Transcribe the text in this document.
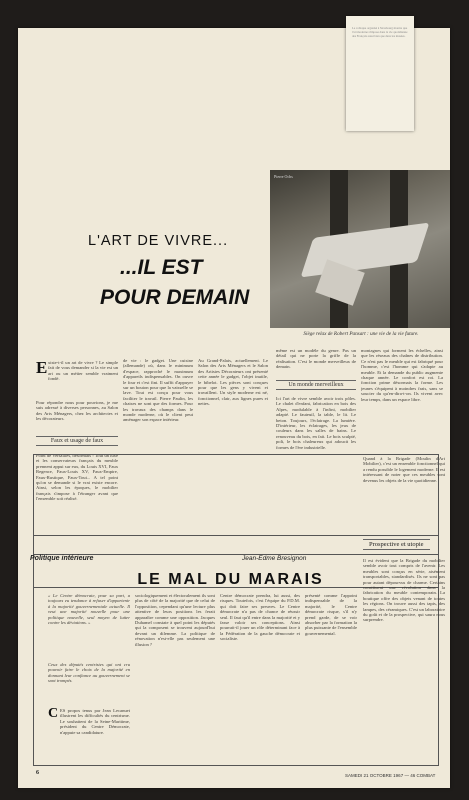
L'ART DE VIVRE...
...IL EST
POUR DEMAIN
Pierre Ochs
Siège relax de Robert Pansart : une vie de la vie future.
E xiste-t-il un art de vivre ? Le simple fait de vous demander si la vie est un art ou un métier semble vraiment fondé.
Pour répondre nous pour pouvions, je me suis adressé à diverses personnes, au Salon des Arts Ménagers, chez les architectes et les décorateurs.
Faux et usage de faux
Point de Versailles, désormais ! Tout un luxe et les conservateurs français du meuble prennent appui sur eux, du Louis XVI, Faux Regence, Faux-Louis XV, Faux-Empire, Faux-Rustique, Faux-Tout... A tel point qu'on se demande si le vrai existe encore. Ainsi, selon les époques, le mobilier français s'impose à l'étranger avant que l'ensemble soit réalisé.
de vie : le gadget. Une cuisine (allemande) où, dans le minimum d'espace, rapproché le maximum d'appareils indispensables. On ouvre le four et c'est fini. Il suffit d'appuyer sur un bouton pour que la vaisselle se lave. Tout est conçu pour vous faciliter le travail. Pierre Paulin, les chaises ne sont que des formes. Pour les travaux des champs dans le monde moderne, où le client peut aménager son espace intérieur.
Au Grand-Palais, actuellement. Le Salon des Arts Ménagers et le Salon des Artistes Décorateurs ont présenté cette année le gadget, l'objet inutile, le bibelot. Les pièces sont conçues pour que les gens y vivent et travaillent. Un style moderne est né, fonctionnel, clair, aux lignes pures et nettes.
même est un modèle du genre. Pas un détail qui ne porte la griffe de la réalisation. C'est le monde merveilleux de demain.
Un monde merveilleux
Ici l'art de vivre semble avoir trois pôles. Le chalet d'enfant, fabrication en bois des Alpes, modulable à l'infini, mobilier adapté. Le fauteuil, la table, le lit. Le beton. Toujours, l'éclairage. La lumière. D'intérieur, les éclairages, les jeux de couleurs dans les salles de bains. Le renouveau du bois, en fait. Le bois sculpté, poli, le bois chaleureux qui adoucit les formes de l'ère industrielle.
montagnes qui forment les échelles, ainsi que les réseaux des chaînes de distribution. Ce n'est pas le meuble qui est fabriqué pour l'homme, c'est l'homme qui s'adapte au meuble. Et la demande du public augmente chaque année. Le confort est roi. La fonction prime désormais la forme. Les jeunes s'équipent à moindres frais, sans se soucier du qu'en-dira-t-on. Ils vivent avec leur temps, dans un espace libre.
Politique intérieure	Jean-Edme Bresignon
LE MAL DU MARAIS
Prospective et utopie
Quand à la Brigade (Moulin d'Art Mobilier), c'est un ensemble fonctionnel qui a rendu possible le logement moderne. Il est intéressant de noter que ces meubles sont devenus les objets de la vie quotidienne.
Il est évident que la Brigade du mobilier semble avoir tout compris de l'avenir. Les meubles sont conçus en série, aisément transportables, standardisés. Ils ne sont pas pour autant dépourvus de charme. Certains constituent une révolution dans la fabrication du meuble contemporain. La boutique offre des objets venant de toutes les régions. On trouve aussi des tapis, des lampes, des céramiques. C'est un laboratoire du goût et de la prospective, qui saura nous surprendre.
« Le Centre démocrate, pour sa part, a toujours eu tendance à refuser d'appartenir à la majorité gouvernementale actuelle. Il veut une majorité nouvelle pour une politique nouvelle, seul moyen de lutter contre les déviations. »
Ceux des députés centristes qui ont cru pouvoir faire le choix de la majorité en donnant leur confiance au gouvernement se sont trompés.
C ES propos tenus par Jean Lecanuet illustrent les difficultés du centrisme. Le souhaitent de la Seine-Maritime, président du Centre Démocrate, n'appuie sa candidature.
sociologiquement et électoralement ils sont plus de côté de la majorité que de celui de l'opposition, cependant qu'une lecture plus attentive de leurs positions les ferait apparaître comme une opposition. Jacques Duhamel constate à quel point les députés qui la composent se trouvent aujourd'hui devant un dilemme. La politique de rénovation n'est-elle pas seulement une illusion ?
Centre démocrate prendra, lui aussi, des risques. Toutefois, c'est l'équipe du P.D.M. qui doit faire ses preuves. Le Centre démocrate n'a pas de chance de réussir seul. Il faut qu'il entre dans la majorité et y fasse valoir ses conceptions. Ainsi pourrait-il jouer un rôle déterminant face à la Fédération de la gauche démocrate et socialiste.
présenté comme l'appoint indispensable de la majorité, le Centre démocrate risque, s'il n'y prend garde, de se voir absorber par la formation la plus puissante de l'ensemble gouvernemental.
6	SAMEDI 21 OCTOBRE 1967 — 46 COMBAT
Le colloque organisé à Strasbourg montre que l'art moderne s'impose dans la vie quotidienne des Français aussi bien que dans les musées.
